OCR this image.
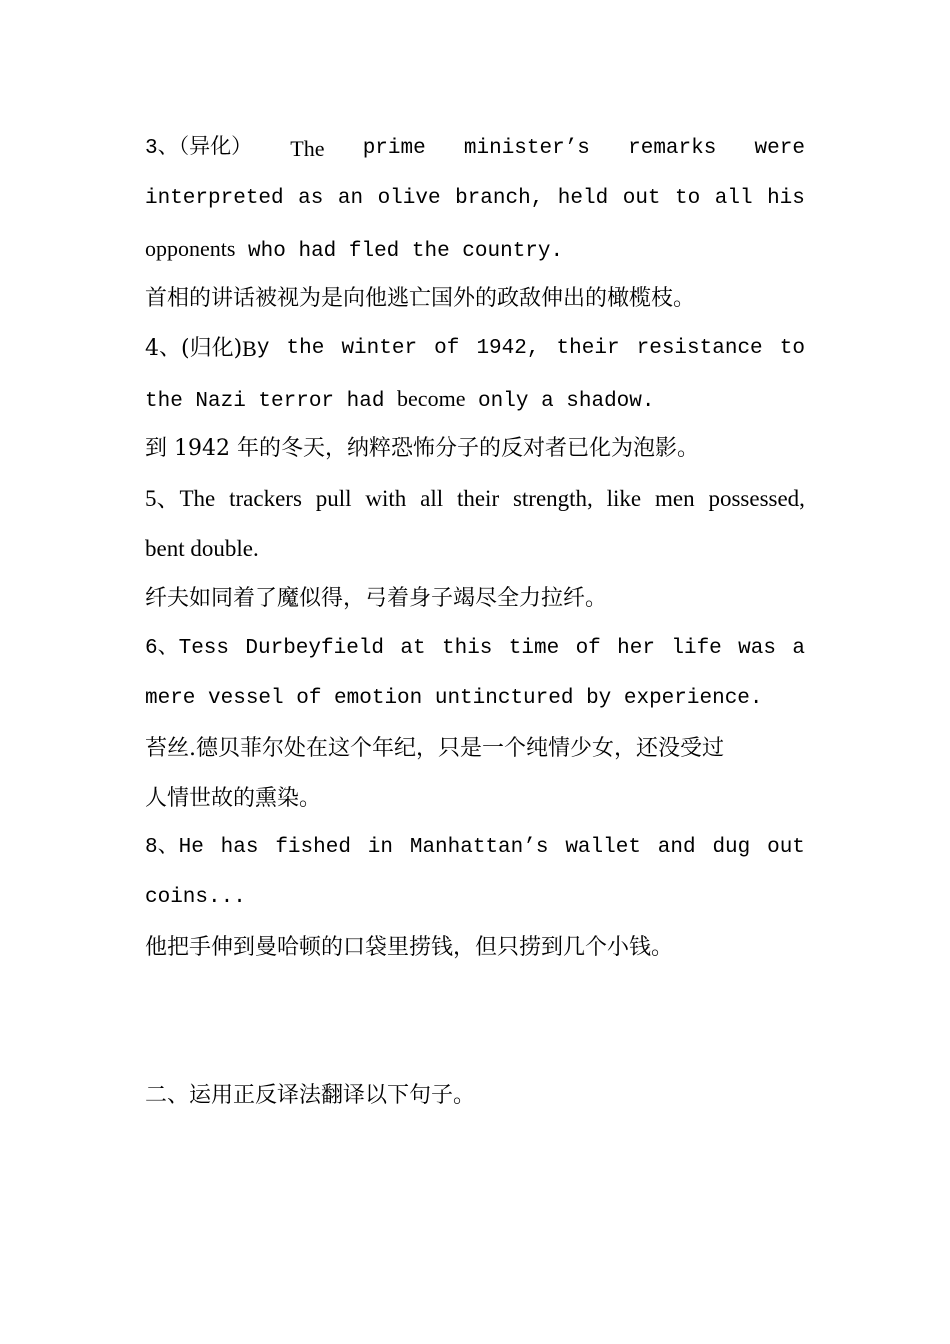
3、（异化） The prime minister’s remarks were
interpreted as an olive branch, held out to all his
opponents who had fled the country.
首相的讲话被视为是向他逃亡国外的政敌伸出的橄榄枝。
4、(归化) B y the winter of 1942, their resistance to
the Nazi terror had become only a shadow.
到 1942 年的冬天，纳粹恐怖分子的反对者已化为泡影。
5、The trackers pull with all their strength, like men possessed,
bent double.
纤夫如同着了魔似得，弓着身子竭尽全力拉纤。
6、Tess Durbeyfield at this time of her life was a
mere vessel of emotion untinctured by experience.
苔丝.德贝菲尔处在这个年纪，只是一个纯情少女，还没受过
人情世故的熏染。
8、He has fished in Manhattan’s wallet and dug out
coins...
他把手伸到曼哈顿的口袋里捞钱，但只捞到几个小钱。
二、运用正反译法翻译以下句子。
